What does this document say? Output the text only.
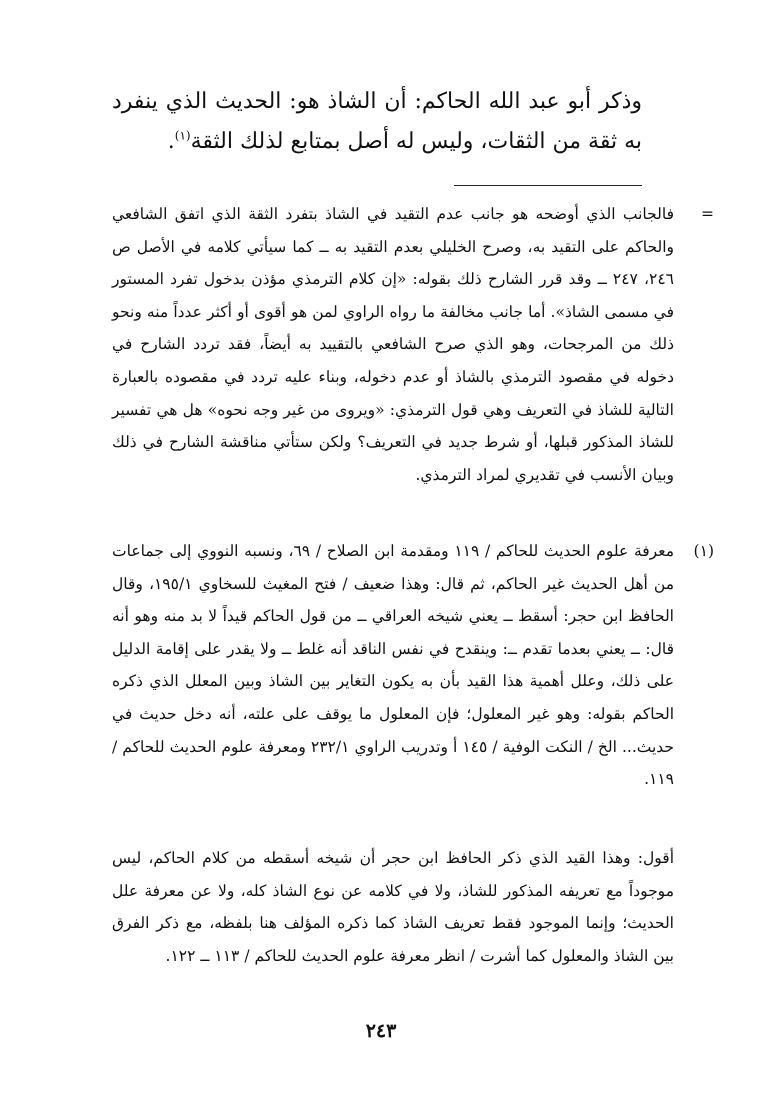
وذكر أبو عبد الله الحاكم: أن الشاذ هو: الحديث الذي ينفرد به ثقة من الثقات، وليس له أصل بمتابع لذلك الثقة$^{(١)}$.

=
فالجانب الذي أوضحه هو جانب عدم التقيد في الشاذ بتفرد الثقة الذي اتفق الشافعي والحاكم على التقيد به، وصرح الخليلي بعدم التقيد به ــ كما سيأتي كلامه في الأصل ص ٢٤٦، ٢٤٧ ــ وقد قرر الشارح ذلك بقوله: «إن كلام الترمذي مؤذن بدخول تفرد المستور في مسمى الشاذ». أما جانب مخالفة ما رواه الراوي لمن هو أقوى أو أكثر عدداً منه ونحو ذلك من المرجحات، وهو الذي صرح الشافعي بالتقييد به أيضاً، فقد تردد الشارح في دخوله في مقصود الترمذي بالشاذ أو عدم دخوله، وبناء عليه تردد في مقصوده بالعبارة التالية للشاذ في التعريف وهي قول الترمذي: «ويروى من غير وجه نحوه» هل هي تفسير للشاذ المذكور قبلها، أو شرط جديد في التعريف؟ ولكن ستأتي مناقشة الشارح في ذلك وبيان الأنسب في تقديري لمراد الترمذي.
(١)
معرفة علوم الحديث للحاكم / ١١٩ ومقدمة ابن الصلاح / ٦٩، ونسبه النووي إلى جماعات من أهل الحديث غير الحاكم، ثم قال: وهذا ضعيف / فتح المغيث للسخاوي ١٩٥/١، وقال الحافظ ابن حجر: أسقط ــ يعني شيخه العراقي ــ من قول الحاكم قيداً لا بد منه وهو أنه قال: ــ يعني بعدما تقدم ــ: وينقدح في نفس الناقد أنه غلط ــ ولا يقدر على إقامة الدليل على ذلك، وعلل أهمية هذا القيد بأن به يكون التغاير بين الشاذ وبين المعلل الذي ذكره الحاكم بقوله: وهو غير المعلول؛ فإن المعلول ما يوقف على علته، أنه دخل حديث في حديث... الخ / النكت الوفية / ١٤٥ أ وتدريب الراوي ٢٣٢/١ ومعرفة علوم الحديث للحاكم / ١١٩.
أقول: وهذا القيد الذي ذكر الحافظ ابن حجر أن شيخه أسقطه من كلام الحاكم، ليس موجوداً مع تعريفه المذكور للشاذ، ولا في كلامه عن نوع الشاذ كله، ولا عن معرفة علل الحديث؛ وإنما الموجود فقط تعريف الشاذ كما ذكره المؤلف هنا بلفظه، مع ذكر الفرق بين الشاذ والمعلول كما أشرت / انظر معرفة علوم الحديث للحاكم / ١١٣ ــ ١٢٢.
٢٤٣
